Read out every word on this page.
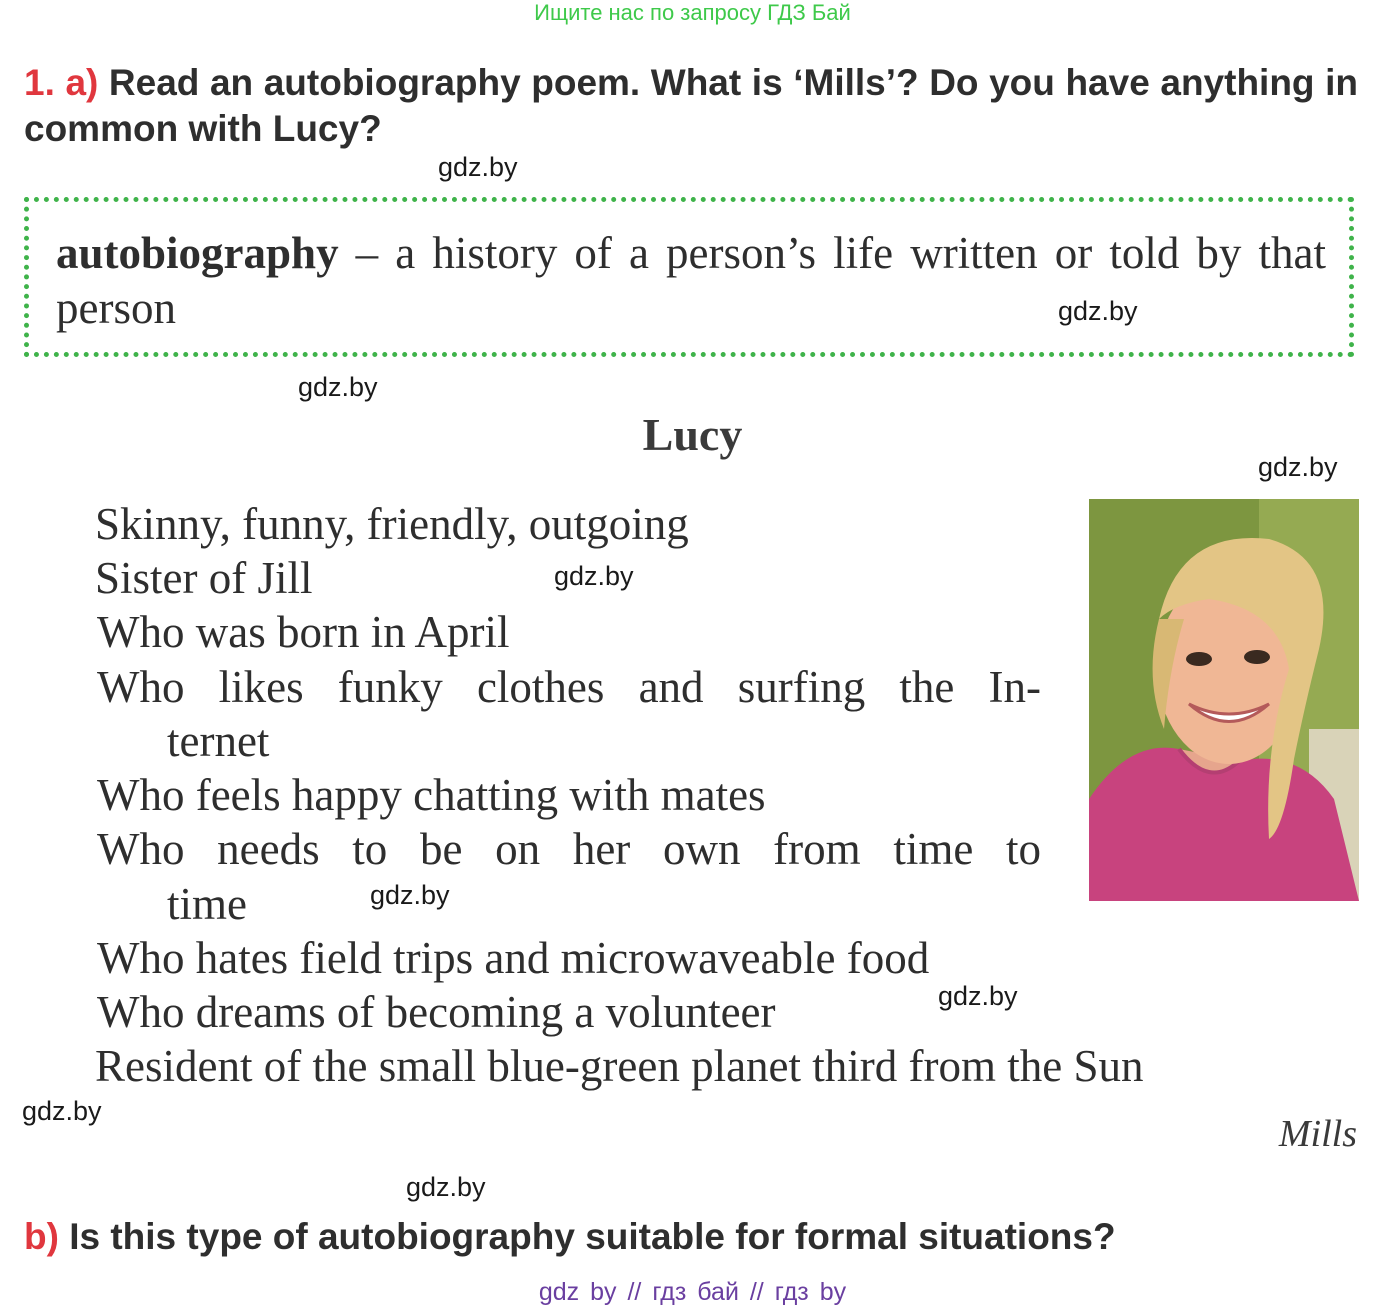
Ищите нас по запросу ГДЗ Бай
1. a) Read an autobiography poem. What is ‘Mills’? Do you have anything in common with Lucy?
gdz.by
autobiography – a history of a person’s life written or told by that person	gdz.by
gdz.by
Lucy
gdz.by
Skinny, funny, friendly, outgoing
Sister of Jill	gdz.by
Who was born in April
Who likes funky clothes and surfing the In-
ternet
Who feels happy chatting with mates
Who needs to be on her own from time to
time	gdz.by
Who hates field trips and microwaveable food
Who dreams of becoming a volunteer	gdz.by
Resident of the small blue-green planet third from the Sun
gdz.by
Mills
gdz.by
b) Is this type of autobiography suitable for formal situations?
gdz by // гдз бай // гдз by
